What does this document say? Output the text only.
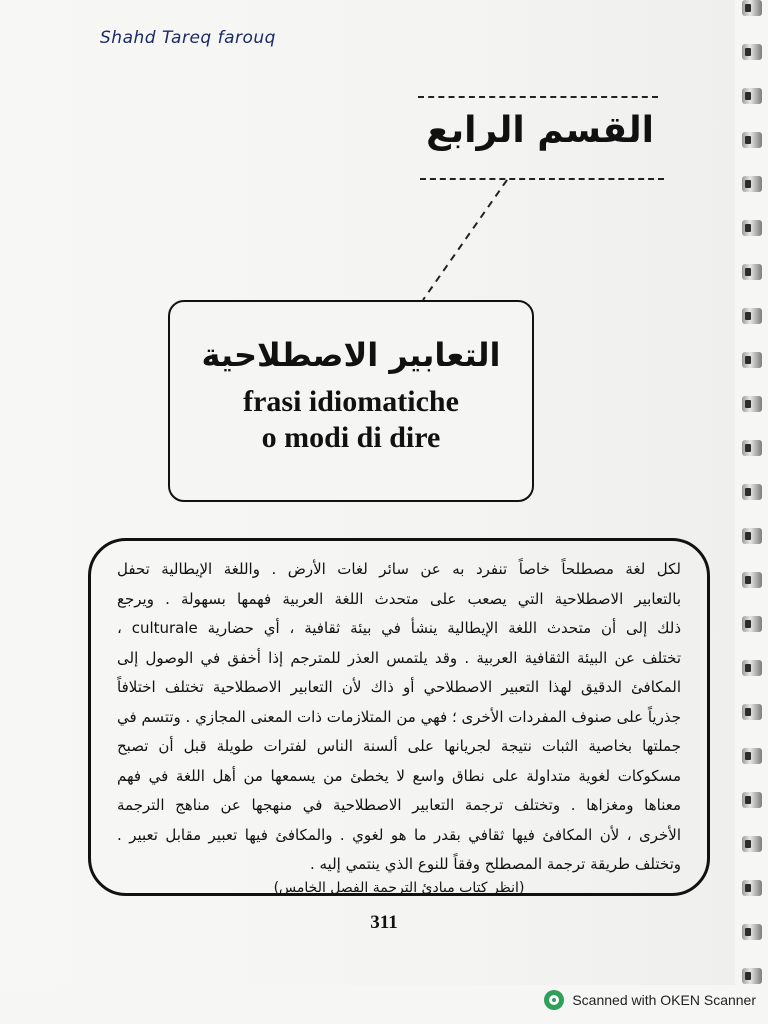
Shahd Tareq farouq
القسم الرابع
التعابير الاصطلاحية
frasi idiomatiche
o modi di dire
لكل لغة مصطلحاً خاصاً تنفرد به عن سائر لغات الأرض . واللغة الإيطالية تحفل
بالتعابير الاصطلاحية التي يصعب على متحدث اللغة العربية فهمها بسهولة . ويرجع
ذلك إلى أن متحدث اللغة الإيطالية ينشأ في بيئة ثقافية ، أي حضارية culturale ،
تختلف عن البيئة الثقافية العربية . وقد يلتمس العذر للمترجم إذا أخفق في الوصول إلى
المكافئ الدقيق لهذا التعبير الاصطلاحي أو ذاك لأن التعابير الاصطلاحية تختلف اختلافاً
جذرياً على صنوف المفردات الأخرى ؛ فهي من المتلازمات ذات المعنى المجازي . وتتسم في
جملتها بخاصية الثبات نتيجة لجريانها على ألسنة الناس لفترات طويلة قبل أن تصبح
مسكوكات لغوية متداولة على نطاق واسع لا يخطئ من يسمعها من أهل اللغة في فهم
معناها ومغزاها . وتختلف ترجمة التعابير الاصطلاحية في منهجها عن مناهج الترجمة
الأخرى ، لأن المكافئ فيها ثقافي بقدر ما هو لغوي . والمكافئ فيها تعبير مقابل تعبير .
وتختلف طريقة ترجمة المصطلح وفقاً للنوع الذي ينتمي إليه .
(انظر كتاب مبادئ الترجمة الفصل الخامس)
311
Scanned with OKEN Scanner
